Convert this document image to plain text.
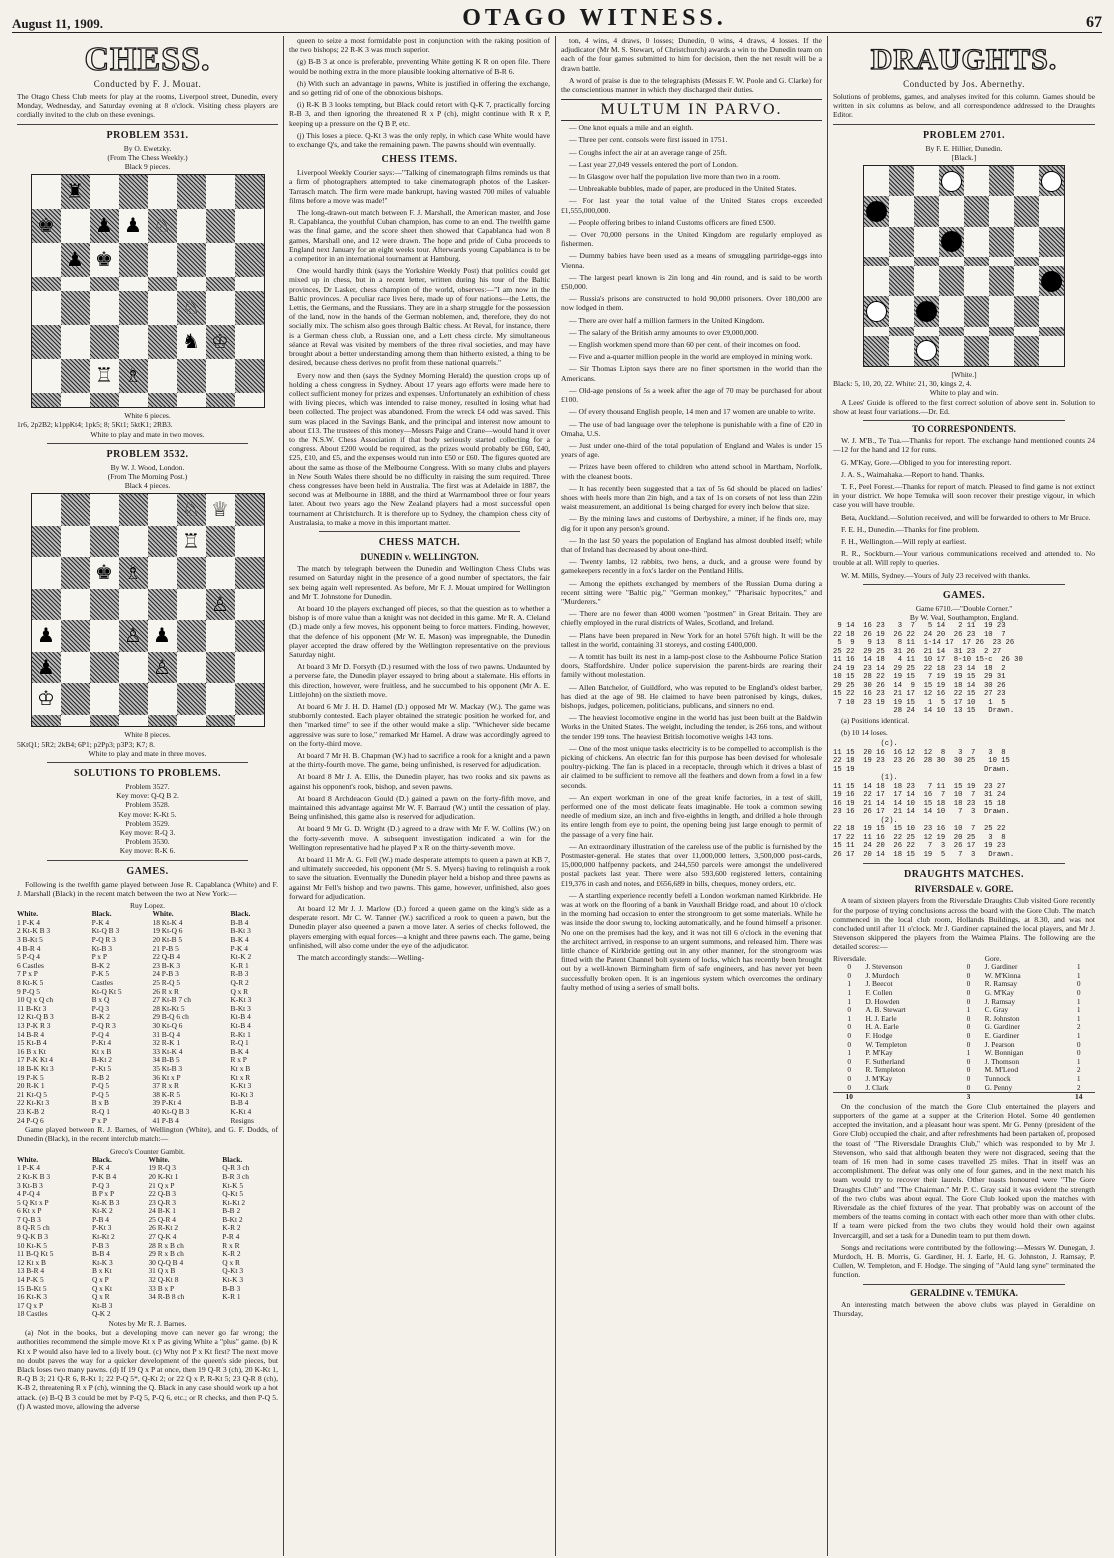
August 11, 1909.	OTAGO WITNESS.	67
CHESS.
Conducted by F. J. Mouat.
The Otago Chess Club meets for play at the rooms, Liverpool street, Dunedin, every Monday, Wednesday, and Saturday evening at 8 o'clock. Visiting chess players are cordially invited to the club on these evenings.
PROBLEM 3531.
By O. Ewetzky.
(From The Chess Weekly.)
Black 9 pieces.
♜
♚ ♟ ♟ ♘
♟ ♚
♘
♞ ♔
♖ ♗
White 6 pieces.
1r6, 2p2B2; k1ppKt4; 1pk5; 8; 5Kt1; 5ktK1; 2RB3.
White to play and mate in two moves.
PROBLEM 3532.
By W. J. Wood, London.
(From The Morning Post.)
Black 4 pieces.
♘ ♕
♖
♚ ♗
♙
♟	♙ ♟
♟	♙
♔
White 8 pieces.
5KtQ1; 5R2; 2kB4; 6P1; p2Pp3; p3P3; K7; 8.
White to play and mate in three moves.
SOLUTIONS TO PROBLEMS.
Problem 3527.
Key move: Q-Q B 2.
Problem 3528.
Key move: K-Kt 5.
Problem 3529.
Key move: R-Q 3.
Problem 3530.
Key move: R-K 6.
GAMES.

Following is the twelfth game played between Jose R. Capablanca (White) and F. J. Marshall (Black) in the recent match between the two at New York:—

Ruy Lopez.
White.	Black.	White.	Black.
1 P-K 4	P-K 4	18 Kt-K 4	B-B 4
2 Kt-K B 3	Kt-Q B 3	19 Kt-Q 6	B-Kt 3
3 B-Kt 5	P-Q R 3	20 Kt-B 5	B-K 4
4 B-R 4	Kt-B 3	21 P-B 5	P-K 4
5 P-Q 4	P x P	22 Q-B 4	Kt-K 2
6 Castles	B-K 2	23 B-K 3	K-R 1
7 P x P	P-K 5	24 P-B 3	R-B 3
8 Kt-K 5	Castles	25 R-Q 5	Q-R 2
9 P-Q 5	Kt-Q Kt 5	26 R x R	Q x R
10 Q x Q ch	B x Q	27 Kt-B 7 ch	K-Kt 3
11 B-Kt 3	P-Q 3	28 Kt-Kt 5	B-Kt 3
12 Kt-Q B 3	B-K 2	29 B-Q 6 ch	Kt-B 4
13 P-K R 3	P-Q R 3	30 Kt-Q 6	Kt-B 4
14 B-R 4	P-Q 4	31 B-Q 4	R-Kt 1
15 Kt-B 4	P-Kt 4	32 R-K 1	R-Q 1
16 B x Kt	Kt x B	33 Kt-K 4	B-K 4
17 P-K Kt 4	B-Kt 2	34 B-B 5	R x P
18 B-K Kt 3	P-Kt 5	35 Kt-B 3	Kt x B
19 P-K 5	R-B 2	36 Kt x P	Kt x R
20 R-K 1	P-Q 5	37 R x R	K-Kt 3
21 Kt-Q 5	P-Q 5	38 K-R 5	Kt-Kt 3
22 Kt-Kt 3	B x B	39 P-Kt 4	B-B 4
23 K-B 2	R-Q 1	40 Kt-Q B 3	K-Kt 4
24 P-Q 6	P x P	41 P-B 4	Resigns

Game played between R. J. Barnes, of Wellington (White), and G. F. Dodds, of Dunedin (Black), in the recent interclub match:—

Greco's Counter Gambit.
White.	Black.	White.	Black.
1 P-K 4	P-K 4	19 R-Q 3	Q-R 3 ch
2 Kt-K B 3	P-K B 4	20 K-Kt 1	B-R 3 ch
3 Kt-B 3	P-Q 3	21 Q x P	Kt-K 5
4 P-Q 4	B P x P	22 Q-B 3	Q-Kt 5
5 Q Kt x P	Kt-K B 3	23 Q-R 3	Kt-Kt 2
6 Kt x P	Kt-K 2	24 B-K 1	B-B 2
7 Q-B 3	P-B 4	25 Q-R 4	B-Kt 2
8 Q-R 5 ch	P-Kt 3	26 R-Kt 2	K-R 2
9 Q-K B 3	Kt-Kt 2	27 Q-K 4	P-R 4
10 Kt-K 5	P-B 3	28 R x B ch	R x R
11 B-Q Kt 5	B-B 4	29 R x B ch	K-R 2
12 Kt x B	Kt-K 3	30 Q-Q B 4	Q x R
13 B-R 4	B x Kt	31 Q x B	Q-Kt 3
14 P-K 5	Q x P	32 Q-Kt 8	Kt-K 3
15 B-Kt 5	Q x Kt	33 B x P	B-B 3
16 Kt-K 3	Q x R	34 R-B 8 ch	K-R 1
17 Q x P	Kt-B 3		
18 Castles	Q-K 2		
Notes by Mr R. J. Barnes.

(a) Not in the books, but a developing move can never go far wrong; the authorities recommend the simple move Kt x P as giving White a "plus" game. (b) K Kt x P would also have led to a lively bout. (c) Why not P x Kt first? The next move no doubt paves the way for a quicker development of the queen's side pieces, but Black loses two many pawns. (d) If 19 Q x P at once, then 19 Q-R 3 (ch), 20 K-Kt 1, R-Q B 3; 21 Q-R 6, R-Kt 1; 22 P-Q 5*, Q-Kt 2; or 22 Q x P, R-Kt 5; 23 Q-R 8 (ch), K-B 2, threatening R x P (ch), winning the Q. Black in any case should work up a hot attack. (e) B-Q B 3 could be met by P-Q 5, P-Q 6, etc.; or R checks, and then P-Q 5. (f) A wasted move, allowing the adverse

queen to seize a most formidable post in conjunction with the raking position of the two bishops; 22 R-K 3 was much superior.

(g) B-B 3 at once is preferable, preventing White getting K R on open file. There would be nothing extra in the more plausible looking alternative of B-R 6.

(h) With such an advantage in pawns, White is justified in offering the exchange, and so getting rid of one of the obnoxious bishops.

(i) R-K B 3 looks tempting, but Black could retort with Q-K 7, practically forcing R-B 3, and then ignoring the threatened R x P (ch), might continue with R x P, keeping up a pressure on the Q B P, etc.

(j) This loses a piece. Q-Kt 3 was the only reply, in which case White would have to exchange Q's, and take the remaining pawn. The pawns should win eventually.

CHESS ITEMS.

Liverpool Weekly Courier says:—"Talking of cinematograph films reminds us that a firm of photographers attempted to take cinematograph photos of the Lasker-Tarrasch match. The firm were made bankrupt, having wasted 700 miles of valuable films before a move was made!"

The long-drawn-out match between F. J. Marshall, the American master, and Jose R. Capablanca, the youthful Cuban champion, has come to an end. The twelfth game was the final game, and the score sheet then showed that Capablanca had won 8 games, Marshall one, and 12 were drawn. The hope and pride of Cuba proceeds to England next January for an eight weeks tour. Afterwards young Capablanca is to be a competitor in an international tournament at Hamburg.

One would hardly think (says the Yorkshire Weekly Post) that politics could get mixed up in chess, but in a recent letter, written during his tour of the Baltic provinces, Dr Lasker, chess champion of the world, observes:—"I am now in the Baltic provinces. A peculiar race lives here, made up of four nations—the Letts, the Lettis, the Germans, and the Russians. They are in a sharp struggle for the possession of the land, now in the hands of the German noblemen, and, therefore, they do not socially mix. The schism also goes through Baltic chess. At Reval, for instance, there is a German chess club, a Russian one, and a Lett chess circle. My simultaneous séance at Reval was visited by members of the three rival societies, and may have brought about a better understanding among them than hitherto existed, a thing to be desired, because chess derives no profit from these national quarrels."

Every now and then (says the Sydney Morning Herald) the question crops up of holding a chess congress in Sydney. About 17 years ago efforts were made here to collect sufficient money for prizes and expenses. Unfortunately an exhibition of chess with living pieces, which was intended to raise money, resulted in losing what had been collected. The project was abandoned. From the wreck £4 odd was saved. This sum was placed in the Savings Bank, and the principal and interest now amount to about £13. The trustees of this money—Messrs Paige and Crane—would hand it over to the N.S.W. Chess Association if that body seriously started collecting for a congress. About £200 would be required, as the prizes would probably be £60, £40, £25, £10, and £5, and the expenses would run into £50 or £60. The figures quoted are about the same as those of the Melbourne Congress. With so many clubs and players in New South Wales there should be no difficulty in raising the sum required. Three chess congresses have been held in Australia. The first was at Adelaide in 1887, the second was at Melbourne in 1888, and the third at Warrnambool three or four years later. About two years ago the New Zealand players had a most successful open tournament at Christchurch. It is therefore up to Sydney, the champion chess city of Australasia, to make a move in this important matter.

CHESS MATCH.
DUNEDIN v. WELLINGTON.

The match by telegraph between the Dunedin and Wellington Chess Clubs was resumed on Saturday night in the presence of a good number of spectators, the fair sex being again well represented. As before, Mr F. J. Mouat umpired for Wellington and Mr T. Johnstone for Dunedin.

At board 10 the players exchanged off pieces, so that the question as to whether a bishop is of more value than a knight was not decided in this game. Mr R. A. Cleland (D.) made only a few moves, his opponent being to force matters. Finding, however, that the defence of his opponent (Mr W. E. Mason) was impregnable, the Dunedin player accepted the draw offered by the Wellington representative on the previous Saturday night.

At board 3 Mr D. Forsyth (D.) resumed with the loss of two pawns. Undaunted by a perverse fate, the Dunedin player essayed to bring about a stalemate. His efforts in this direction, however, were fruitless, and he succumbed to his opponent (Mr A. E. Littlejohn) on the sixtieth move.

At board 6 Mr J. H. D. Hamel (D.) opposed Mr W. Mackay (W.). The game was stubbornly contested. Each player obtained the strategic position he worked for, and then "marked time" to see if the other would make a slip. "Whichever side became aggressive was sure to lose," remarked Mr Hamel. A draw was accordingly agreed to on the forty-third move.

At board 7 Mr H. B. Chapman (W.) had to sacrifice a rook for a knight and a pawn at the thirty-fourth move. The game, being unfinished, is reserved for adjudication.

At board 8 Mr J. A. Ellis, the Dunedin player, has two rooks and six pawns as against his opponent's rook, bishop, and seven pawns.

At board 8 Archdeacon Gould (D.) gained a pawn on the forty-fifth move, and maintained this advantage against Mr W. F. Barraud (W.) until the cessation of play. Being unfinished, this game also is reserved for adjudication.

At board 9 Mr G. D. Wright (D.) agreed to a draw with Mr F. W. Collins (W.) on the forty-seventh move. A subsequent investigation indicated a win for the Wellington representative had he played P x R on the thirty-seventh move.

At board 11 Mr A. G. Fell (W.) made desperate attempts to queen a pawn at KB 7, and ultimately succeeded, his opponent (Mr S. S. Myers) having to relinquish a rook to save the situation. Eventually the Dunedin player held a bishop and three pawns as against Mr Fell's bishop and two pawns. This game, however, unfinished, also goes forward for adjudication.

At board 12 Mr J. J. Marlow (D.) forced a queen game on the king's side as a desperate resort. Mr C. W. Tanner (W.) sacrificed a rook to queen a pawn, but the Dunedin player also queened a pawn a move later. A series of checks followed, the players emerging with equal forces—a knight and three pawns each. The game, being unfinished, will also come under the eye of the adjudicator.

The match accordingly stands:—Welling-

ton, 4 wins, 4 draws, 0 losses; Dunedin, 0 wins, 4 draws, 4 losses. If the adjudicator (Mr M. S. Stewart, of Christchurch) awards a win to the Dunedin team on each of the four games submitted to him for decision, then the net result will be a drawn battle.

A word of praise is due to the telegraphists (Messrs F. W. Poole and G. Clarke) for the conscientious manner in which they discharged their duties.

MULTUM IN PARVO.

— One knot equals a mile and an eighth.

— Three per cent. consols were first issued in 1751.

— Coughs infect the air at an average range of 25ft.

— Last year 27,049 vessels entered the port of London.

— In Glasgow over half the population live more than two in a room.

— Unbreakable bubbles, made of paper, are produced in the United States.

— For last year the total value of the United States crops exceeded £1,555,000,000.

— People offering bribes to inland Customs officers are fined £500.

— Over 70,000 persons in the United Kingdom are regularly employed as fishermen.

— Dummy babies have been used as a means of smuggling partridge-eggs into Vienna.

— The largest pearl known is 2in long and 4in round, and is said to be worth £50,000.

— Russia's prisons are constructed to hold 90,000 prisoners. Over 180,000 are now lodged in them.

— There are over half a million farmers in the United Kingdom.

— The salary of the British army amounts to over £9,000,000.

— English workmen spend more than 60 per cent. of their incomes on food.

— Five and a-quarter million people in the world are employed in mining work.

— Sir Thomas Lipton says there are no finer sportsmen in the world than the Americans.

— Old-age pensions of 5s a week after the age of 70 may be purchased for about £100.

— Of every thousand English people, 14 men and 17 women are unable to write.

— The use of bad language over the telephone is punishable with a fine of £20 in Omaha, U.S.

— Just under one-third of the total population of England and Wales is under 15 years of age.

— Prizes have been offered to children who attend school in Martham, Norfolk, with the cleanest boots.

— It has recently been suggested that a tax of 5s 6d should be placed on ladies' shoes with heels more than 2in high, and a tax of 1s on corsets of not less than 22in waist measurement, an additional 1s being charged for every inch below that size.

— By the mining laws and customs of Derbyshire, a miner, if he finds ore, may dig for it upon any person's ground.

— In the last 50 years the population of England has almost doubled itself; while that of Ireland has decreased by about one-third.

— Twenty lambs, 12 rabbits, two hens, a duck, and a grouse were found by gamekeepers recently in a fox's larder on the Pentland Hills.

— Among the epithets exchanged by members of the Russian Duma during a recent sitting were "Baltic pig," "German monkey," "Pharisaic hypocrites," and "Murderers."

— There are no fewer than 4000 women "postmen" in Great Britain. They are chiefly employed in the rural districts of Wales, Scotland, and Ireland.

— Plans have been prepared in New York for an hotel 576ft high. It will be the tallest in the world, containing 31 storeys, and costing £400,000.

— A tomtit has built its nest in a lamp-post close to the Ashbourne Police Station doors, Staffordshire. Under police supervision the parent-birds are rearing their family without molestation.

— Allen Batchelor, of Guildford, who was reputed to be England's oldest barber, has died at the age of 98. He claimed to have been patronised by kings, dukes, bishops, judges, policemen, politicians, publicans, and sinners no end.

— The heaviest locomotive engine in the world has just been built at the Baldwin Works in the United States. The weight, including the tender, is 266 tons, and without the tender 199 tons. The heaviest British locomotive weighs 143 tons.

— One of the most unique tasks electricity is to be compelled to accomplish is the picking of chickens. An electric fan for this purpose has been devised for wholesale poultry-picking. The fan is placed in a receptacle, through which it drives a blast of air claimed to be sufficient to remove all the feathers and down from a fowl in a few seconds.

— An expert workman in one of the great knife factories, in a test of skill, performed one of the most delicate feats imaginable. He took a common sewing needle of medium size, an inch and five-eighths in length, and drilled a hole through its entire length from eye to point, the opening being just large enough to permit of the passage of a very fine hair.

— An extraordinary illustration of the careless use of the public is furnished by the Postmaster-general. He states that over 11,000,000 letters, 3,500,000 post-cards, 15,000,000 halfpenny packets, and 244,550 parcels were amongst the undelivered postal packets last year. There were also 593,600 registered letters, containing £19,376 in cash and notes, and £656,689 in bills, cheques, money orders, etc.

— A startling experience recently befell a London workman named Kirkbride. He was at work on the flooring of a bank in Vauxhall Bridge road, and about 10 o'clock in the morning had occasion to enter the strongroom to get some materials. While he was inside the door swung to, locking automatically, and he found himself a prisoner. No one on the premises had the key, and it was not till 6 o'clock in the evening that the architect arrived, in response to an urgent summons, and released him. There was little chance of Kirkbride getting out in any other manner, for the strongroom was fitted with the Patent Channel bolt system of locks, which has recently been brought out by a well-known Birmingham firm of safe engineers, and has never yet been successfully broken open. It is an ingenious system which overcomes the ordinary faulty method of using a series of small bolts.

DRAUGHTS.
Conducted by Jos. Abernethy.
Solutions of problems, games, and analyses invited for this column. Games should be written in six columns as below, and all correspondence addressed to the Draughts Editor.
PROBLEM 2701.
By F. E. Hillier, Dunedin.
[Black.]
[White.]
Black: 5, 10, 20, 22. White: 21, 30, kings 2, 4.
White to play and win.

A Lees' Guide is offered to the first correct solution of above sent in. Solution to show at least four variations.—Dr. Ed.

TO CORRESPONDENTS.

W. J. M'B., Te Tua.—Thanks for report. The exchange hand mentioned counts 24—12 for the hand and 12 for runs.

G. M'Kay, Gore.—Obliged to you for interesting report.

J. A. S., Waimahaka.—Report to hand. Thanks.

T. F., Peel Forest.—Thanks for report of match. Pleased to find game is not extinct in your district. We hope Temuka will soon recover their prestige vigour, in which case you will have trouble.

Beta, Auckland.—Solution received, and will be forwarded to others to Mr Bruce.

F. E. H., Dunedin.—Thanks for fine problem.

F. H., Wellington.—Will reply at earliest.

R. R., Sockburn.—Your various communications received and attended to. No trouble at all. Will reply to queries.

W. M. Mills, Sydney.—Yours of July 23 received with thanks.

GAMES.
Game 6710.—"Double Corner."
By W. Veal, Southampton, England.
9 14  16 23   3  7   5 14   2 11  19 23
22 18  26 19  26 22  24 20  26 23  10  7
5  9   9 13   8 11  1-14 17  17 26  23 26
25 22  29 25  31 26  21 14  31 23  2 27
11 16  14 18   4 11  10 17  8-10 15-c  26 30
24 19  23 14  29 25  22 18  23 14  18  2
10 15  28 22  19 15   7 19  19 15  29 31
29 25  30 26  14  9  15 19  18 14  30 26
15 22  16 23  21 17  12 16  22 15  27 23
7 10  23 19  19 15   1  5  17 10   1  5
28 24  14 10  13 15   Drawn.

(a) Positions identical.

(b) 10 14 loses.

(c).
11 15  20 16  16 12  12  8   3  7   3  8
22 18  19 23  23 26  28 30  30 25   10 15
15 19                              Drawn.
(1).
11 15  14 18  18 23   7 11  15 19  23 27
19 16  22 17  17 14  16  7  10  7  31 24
16 19  21 14  14 10  15 18  18 23  15 18
23 16  26 17  21 14  14 10   7  3  Drawn.
(2).
22 18  19 15  15 10  23 16  10  7  25 22
17 22  11 16  22 25  12 19  20 25   3  8
15 11  24 20  26 22   7  3  26 17  19 23
26 17  20 14  18 15  19  5   7  3   Drawn.
DRAUGHTS MATCHES.
RIVERSDALE v. GORE.

A team of sixteen players from the Riversdale Draughts Club visited Gore recently for the purpose of trying conclusions across the board with the Gore Club. The match commenced in the local club room, Hollands Buildings, at 8.30, and was not concluded until after 11 o'clock. Mr J. Gardiner captained the local players, and Mr J. Stevenson skippered the players from the Waimea Plains. The following are the detailed scores:—

Riversdale.			Gore.	
0	J. Stevenson	0	J. Gardiner	1
0	J. Murdoch	0	W. M'Kinna	1
1	J. Beecot	0	R. Ramsay	0
1	F. Collen	0	G. M'Kay	0
1	D. Howden	0	J. Ramsay	1
0	A. B. Stewart	1	C. Gray	1
1	H. J. Earle	0	R. Johnston	1
0	H. A. Earle	0	G. Gardiner	2
0	F. Hodge	0	E. Gardiner	1
0	W. Templeton	0	J. Pearson	0
1	P. M'Kay	1	W. Bonnigan	0
0	F. Sutherland	0	J. Thomson	1
0	R. Templeton	0	M. M'Leod	2
0	J. M'Kay	0	Tunnock	1
0	J. Clark	0	G. Penny	2
10		3		14

On the conclusion of the match the Gore Club entertained the players and supporters of the game at a supper at the Criterion Hotel. Some 40 gentlemen accepted the invitation, and a pleasant hour was spent. Mr G. Penny (president of the Gore Club) occupied the chair, and after refreshments had been partaken of, proposed the toast of "The Riversdale Draughts Club," which was responded to by Mr J. Stevenson, who said that although beaten they were not disgraced, seeing that the team of 16 men had in some cases travelled 25 miles. That in itself was an accomplishment. The defeat was only one of four games, and in the next match his team would try to recover their laurels. Other toasts honoured were "The Gore Draughts Club" and "The Chairman." Mr P. C. Gray said it was evident the strength of the two clubs was about equal. The Gore Club looked upon the matches with Riversdale as the chief fixtures of the year. That probably was on account of the members of the teams coming in contact with each other more than with other clubs. If a team were picked from the two clubs they would hold their own against Invercargill, and set a task for a Dunedin team to put them down.

Songs and recitations were contributed by the following:—Messrs W. Dunegan, J. Murdoch, H. B. Morris, G. Gardiner, H. J. Earle, H. G. Johnston, J. Ramsay, P. Cullen, W. Templeton, and F. Hodge. The singing of "Auld lang syne" terminated the function.

GERALDINE v. TEMUKA.

An interesting match between the above clubs was played in Geraldine on Thursday,
